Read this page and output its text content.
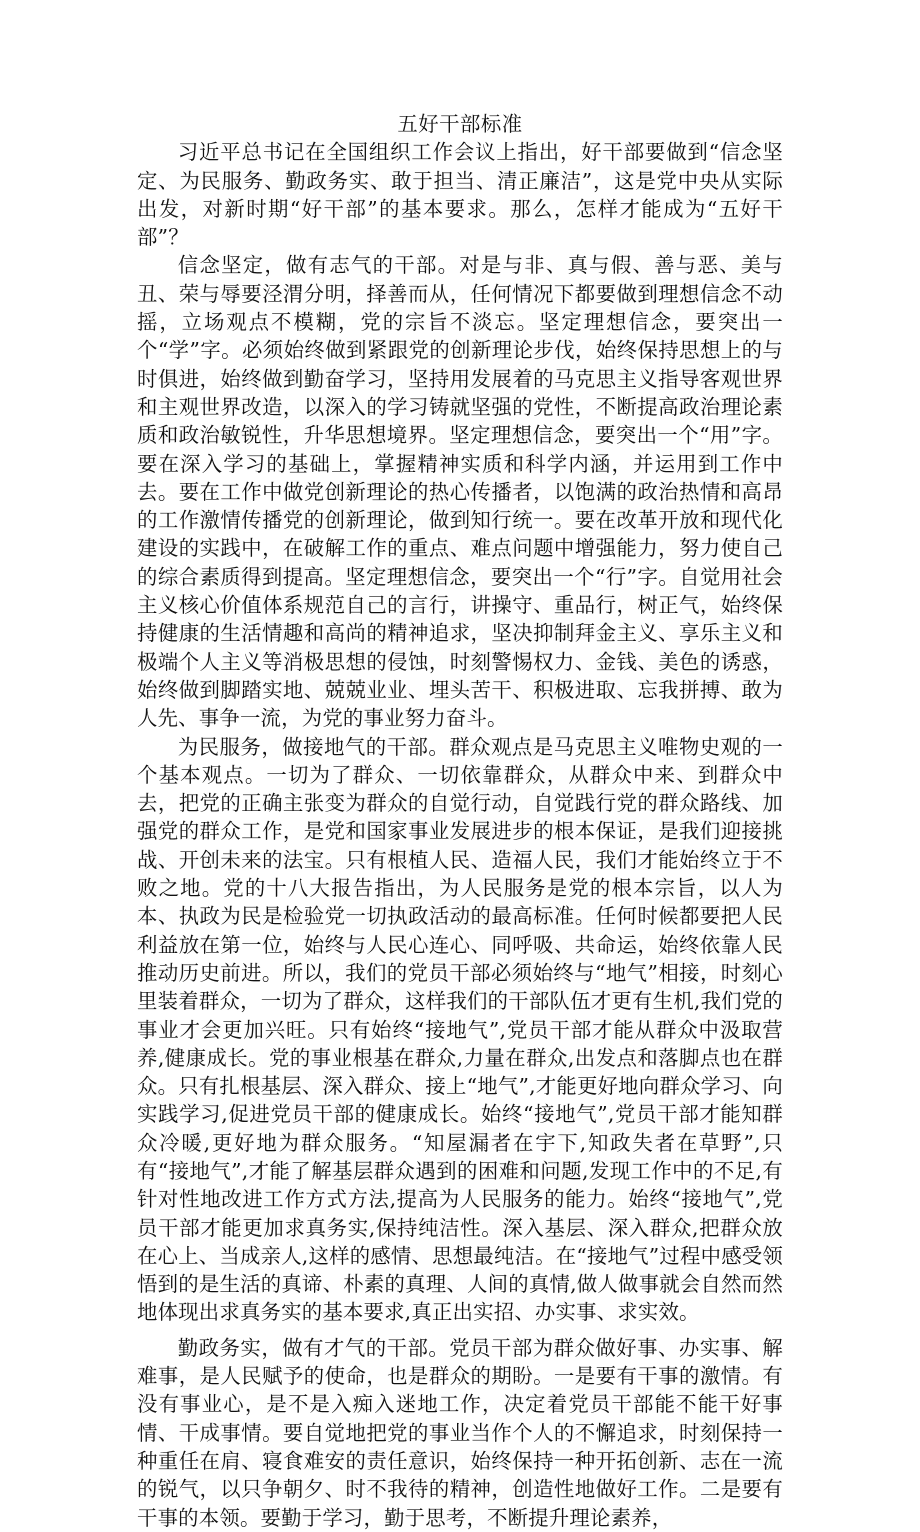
五好干部标准

习近平总书记在全国组织工作会议上指出，好干部要做到“信念坚定、为民服务、勤政务实、敢于担当、清正廉洁”，这是党中央从实际出发，对新时期“好干部”的基本要求。那么，怎样才能成为“五好干部”？

信念坚定，做有志气的干部。对是与非、真与假、善与恶、美与丑、荣与辱要泾渭分明，择善而从，任何情况下都要做到理想信念不动摇，立场观点不模糊，党的宗旨不淡忘。坚定理想信念，要突出一个“学”字。必须始终做到紧跟党的创新理论步伐，始终保持思想上的与时俱进，始终做到勤奋学习，坚持用发展着的马克思主义指导客观世界和主观世界改造，以深入的学习铸就坚强的党性，不断提高政治理论素质和政治敏锐性，升华思想境界。坚定理想信念，要突出一个“用”字。要在深入学习的基础上，掌握精神实质和科学内涵，并运用到工作中去。要在工作中做党创新理论的热心传播者，以饱满的政治热情和高昂的工作激情传播党的创新理论，做到知行统一。要在改革开放和现代化建设的实践中，在破解工作的重点、难点问题中增强能力，努力使自己的综合素质得到提高。坚定理想信念，要突出一个“行”字。自觉用社会主义核心价值体系规范自己的言行，讲操守、重品行，树正气，始终保持健康的生活情趣和高尚的精神追求，坚决抑制拜金主义、享乐主义和极端个人主义等消极思想的侵蚀，时刻警惕权力、金钱、美色的诱惑，始终做到脚踏实地、兢兢业业、埋头苦干、积极进取、忘我拼搏、敢为人先、事争一流，为党的事业努力奋斗。

为民服务，做接地气的干部。群众观点是马克思主义唯物史观的一个基本观点。一切为了群众、一切依靠群众，从群众中来、到群众中去，把党的正确主张变为群众的自觉行动，自觉践行党的群众路线、加强党的群众工作，是党和国家事业发展进步的根本保证，是我们迎接挑战、开创未来的法宝。只有根植人民、造福人民，我们才能始终立于不败之地。党的十八大报告指出，为人民服务是党的根本宗旨，以人为本、执政为民是检验党一切执政活动的最高标准。任何时候都要把人民利益放在第一位，始终与人民心连心、同呼吸、共命运，始终依靠人民推动历史前进。所以，我们的党员干部必须始终与“地气”相接，时刻心里装着群众，一切为了群众，这样我们的干部队伍才更有生机,我们党的事业才会更加兴旺。只有始终“接地气”,党员干部才能从群众中汲取营养,健康成长。党的事业根基在群众,力量在群众,出发点和落脚点也在群众。只有扎根基层、深入群众、接上“地气”,才能更好地向群众学习、向实践学习,促进党员干部的健康成长。始终“接地气”,党员干部才能知群众冷暖,更好地为群众服务。“知屋漏者在宇下,知政失者在草野”,只有“接地气”,才能了解基层群众遇到的困难和问题,发现工作中的不足,有针对性地改进工作方式方法,提高为人民服务的能力。始终“接地气”,党员干部才能更加求真务实,保持纯洁性。深入基层、深入群众,把群众放在心上、当成亲人,这样的感情、思想最纯洁。在“接地气”过程中感受领悟到的是生活的真谛、朴素的真理、人间的真情,做人做事就会自然而然地体现出求真务实的基本要求,真正出实招、办实事、求实效。

勤政务实，做有才气的干部。党员干部为群众做好事、办实事、解难事，是人民赋予的使命，也是群众的期盼。一是要有干事的激情。有没有事业心，是不是入痴入迷地工作，决定着党员干部能不能干好事情、干成事情。要自觉地把党的事业当作个人的不懈追求，时刻保持一种重任在肩、寝食难安的责任意识，始终保持一种开拓创新、志在一流的锐气，以只争朝夕、时不我待的精神，创造性地做好工作。二是要有干事的本领。要勤于学习，勤于思考，不断提升理论素养，
